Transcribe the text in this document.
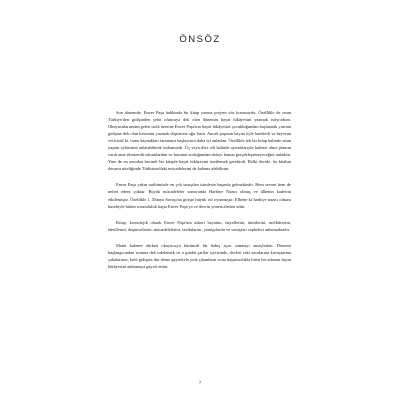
ÖNSÖZ

Son dönemde, Enver Paşa hakkında bir kitap yazma projem söz konusuydu. Özellikle de onun Türkiye'den gidişinden şehit oluncaya dek olan dönemin hayat hikâyesini yazmak istiyordum. Okuyucularımdan gelen istek üzerine Enver Paşa'nın hayat hikâyesini çocukluğundan başlatarak yurttan gidişine dek olan kesimini yazmak düşüncesi ağır bastı. Ancak paşanın hayatı öyle hareketli ve heyecan vericiydi ki, bunu kaynakları taramaya başlayınca daha iyi anladım. Özellikle tek bir kitap halinde onun yaşam öyküsünü anlatabilmek imkansızdı. Üç veya dört cilt halinde ayrıntılarıyla kaleme alma planım vardı ama ekonomik sıkıntılardan ve basımın zorluğundan dolayı bunun gerçekleşemeyeceğini anladım. Yine de en azından hacimli bir kitapla hayat hikâyesini özetlemek gerekirdi. Belki ileride, bu kitabın devamı niteliğinde Türkistan'daki mücadelesini de kaleme alabilirim.

Enver Paşa yakın tarihimizde en çok tartışılan isimlerin başında gelmektedir. Hem seveni hem de nefret edeni çoktur. Büyük mücadeleler sonucunda Harbiye Nazırı olmuş ve ülkenin kaderini etkilemiştir. Özellikle 1. Dünya Savaşı'na girişte büyük rol oynamıştır. Elbette ki harbiye nazırı olması hasebiyle bütün sorumluluk başta Enver Paşa'ya ve devrin yöneticilerine aittir.

Kitap, kronolojik olarak Enver Paşa'nın askerî hayatını, hayallerini, ümitlerini, mefkûresini, ideallerini, düşüncelerini, mücadelelerini, sevdalarını, yanılgılarını ve savaşları cepheleri anlatmaktadır.

Metni kaleme alırken okuyucuya bütüncül bir bakış açısı sunmayı amaçladım. Dönemi başlangıcından sonuna dek irdelemek ve o günkü şartlar içerisinde, devleti eski sınırlarına kavuşturma çabalarının, kötü gidişata dur deme gayretiyle yola çıkanların sonu başarısızlıkla biten bir adamın hayat hikâyesini anlatmaya gayret ettim.

7
